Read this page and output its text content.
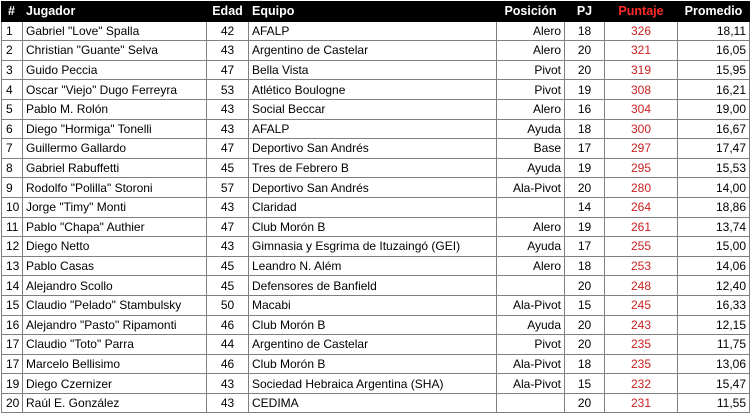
#	Jugador	Edad	Equipo	Posición	PJ	Puntaje	Promedio
1	Gabriel "Love" Spalla	42	AFALP	Alero	18	326	18,11
2	Christian "Guante" Selva	43	Argentino de Castelar	Alero	20	321	16,05
3	Guido Peccia	47	Bella Vista	Pivot	20	319	15,95
4	Oscar "Viejo" Dugo Ferreyra	53	Atlético Boulogne	Pivot	19	308	16,21
5	Pablo M. Rolón	43	Social Beccar	Alero	16	304	19,00
6	Diego "Hormiga" Tonelli	43	AFALP	Ayuda	18	300	16,67
7	Guillermo Gallardo	47	Deportivo San Andrés	Base	17	297	17,47
8	Gabriel Rabuffetti	45	Tres de Febrero B	Ayuda	19	295	15,53
9	Rodolfo "Polilla" Storoni	57	Deportivo San Andrés	Ala-Pivot	20	280	14,00
10	Jorge "Timy" Monti	43	Claridad		14	264	18,86
11	Pablo "Chapa" Authier	47	Club Morón B	Alero	19	261	13,74
12	Diego Netto	43	Gimnasia y Esgrima de Ituzaingó (GEI)	Ayuda	17	255	15,00
13	Pablo Casas	45	Leandro N. Além	Alero	18	253	14,06
14	Alejandro Scollo	45	Defensores de Banfield		20	248	12,40
15	Claudio "Pelado" Stambulsky	50	Macabi	Ala-Pivot	15	245	16,33
16	Alejandro "Pasto" Ripamonti	46	Club Morón B	Ayuda	20	243	12,15
17	Claudio "Toto" Parra	44	Argentino de Castelar	Pivot	20	235	11,75
17	Marcelo Bellisimo	46	Club Morón B	Ala-Pivot	18	235	13,06
19	Diego Czernizer	43	Sociedad Hebraica Argentina (SHA)	Ala-Pivot	15	232	15,47
20	Raúl E. González	43	CEDIMA		20	231	11,55
